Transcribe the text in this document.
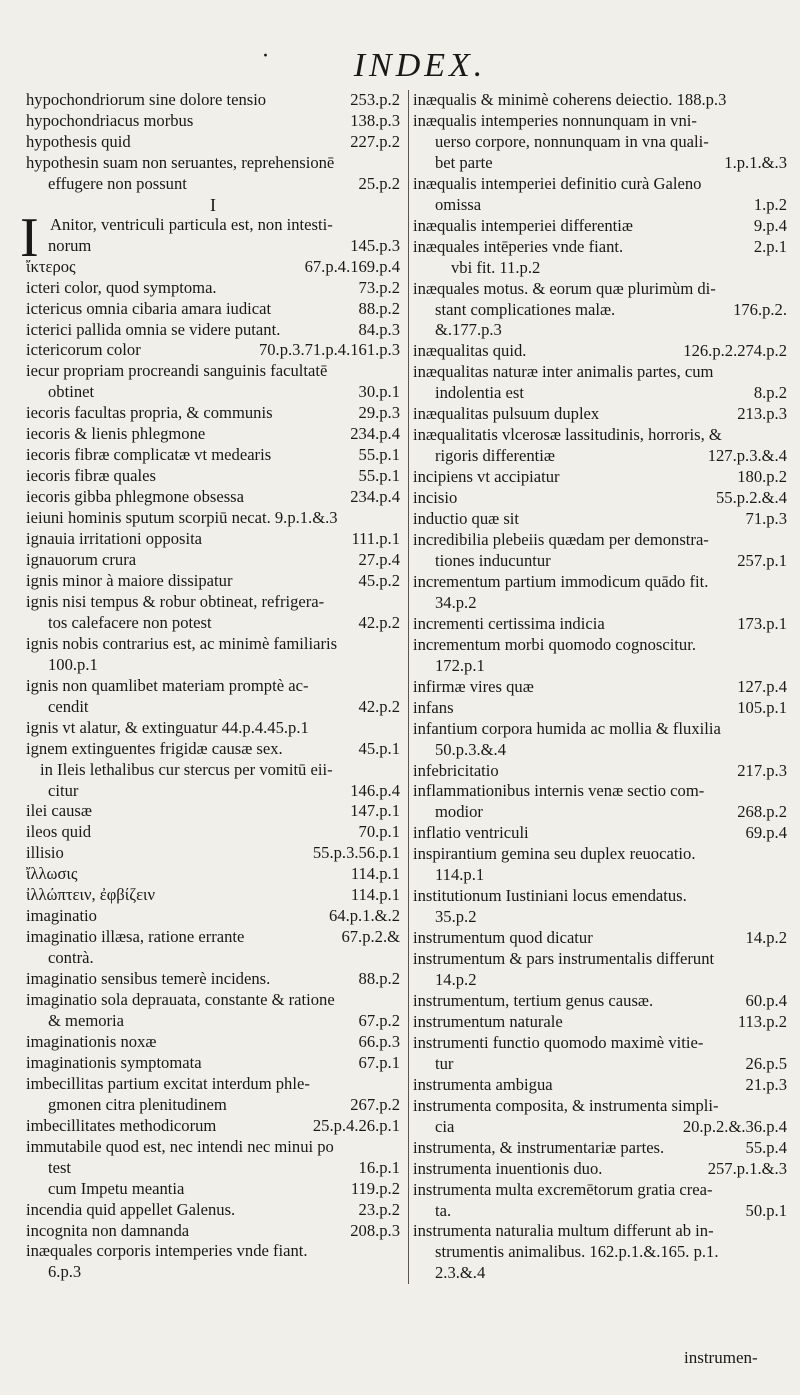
·	INDEX.
hypochondriorum sine dolore tensio	253.p.2
hypochondriacus morbus	138.p.3
hypothesis quid	227.p.2
hypothesin suam non seruantes, reprehensionē
effugere non possunt	25.p.2
I
I Anitor, ventriculi particula est, non intesti-
norum	145.p.3
ἴκτερος	67.p.4.169.p.4
icteri color, quod symptoma.	73.p.2
ictericus omnia cibaria amara iudicat	88.p.2
icterici pallida omnia se videre putant.	84.p.3
ictericorum color	70.p.3.71.p.4.161.p.3
iecur propriam procreandi sanguinis facultatē
obtinet	30.p.1
iecoris facultas propria, & communis	29.p.3
iecoris & lienis phlegmone	234.p.4
iecoris fibræ complicatæ vt medearis	55.p.1
iecoris fibræ quales	55.p.1
iecoris gibba phlegmone obsessa	234.p.4
ieiuni hominis sputum scorpiū necat. 9.p.1.&.3
ignauia irritationi opposita	111.p.1
ignauorum crura	27.p.4
ignis minor à maiore dissipatur	45.p.2
ignis nisi tempus & robur obtineat, refrigera-
tos calefacere non potest	42.p.2
ignis nobis contrarius est, ac minimè familiaris
100.p.1
ignis non quamlibet materiam promptè ac-
cendit	42.p.2
ignis vt alatur, & extinguatur 44.p.4.45.p.1
ignem extinguentes frigidæ causæ sex.	45.p.1
in Ileis lethalibus cur stercus per vomitū eii-
citur	146.p.4
ilei causæ	147.p.1
ileos quid	70.p.1
illisio	55.p.3.56.p.1
ἴλλωσις	114.p.1
ἰλλώπτειν, ἐφβίζειν	114.p.1
imaginatio	64.p.1.&.2
imaginatio illæsa, ratione errante	67.p.2.&
contrà.
imaginatio sensibus temerè incidens.	88.p.2
imaginatio sola deprauata, constante & ratione
& memoria	67.p.2
imaginationis noxæ	66.p.3
imaginationis symptomata	67.p.1
imbecillitas partium excitat interdum phle-
gmonen citra plenitudinem	267.p.2
imbecillitates methodicorum	25.p.4.26.p.1
immutabile quod est, nec intendi nec minui po
test	16.p.1
cum Impetu meantia	119.p.2
incendia quid appellet Galenus.	23.p.2
incognita non damnanda	208.p.3
inæquales corporis intemperies vnde fiant.
6.p.3
inæqualis & minimè coherens deiectio. 188.p.3
inæqualis intemperies nonnunquam in vni-
uerso corpore, nonnunquam in vna quali-
bet parte	1.p.1.&.3
inæqualis intemperiei definitio curà Galeno
omissa	1.p.2
inæqualis intemperiei differentiæ	9.p.4
inæquales intēperies vnde fiant.	2.p.1
vbi fit. 11.p.2
inæquales motus. & eorum quæ plurimùm di-
stant complicationes malæ.	176.p.2.
&.177.p.3
inæqualitas quid.	126.p.2.274.p.2
inæqualitas naturæ inter animalis partes, cum
indolentia est	8.p.2
inæqualitas pulsuum duplex	213.p.3
inæqualitatis vlcerosæ lassitudinis, horroris, &
rigoris differentiæ	127.p.3.&.4
incipiens vt accipiatur	180.p.2
incisio	55.p.2.&.4
inductio quæ sit	71.p.3
incredibilia plebeiis quædam per demonstra-
tiones inducuntur	257.p.1
incrementum partium immodicum quādo fit.
34.p.2
incrementi certissima indicia	173.p.1
incrementum morbi quomodo cognoscitur.
172.p.1
infirmæ vires quæ	127.p.4
infans	105.p.1
infantium corpora humida ac mollia & fluxilia
50.p.3.&.4
infebricitatio	217.p.3
inflammationibus internis venæ sectio com-
modior	268.p.2
inflatio ventriculi	69.p.4
inspirantium gemina seu duplex reuocatio.
114.p.1
institutionum Iustiniani locus emendatus.
35.p.2
instrumentum quod dicatur	14.p.2
instrumentum & pars instrumentalis differunt
14.p.2
instrumentum, tertium genus causæ.	60.p.4
instrumentum naturale	113.p.2
instrumenti functio quomodo maximè vitie-
tur	26.p.5
instrumenta ambigua	21.p.3
instrumenta composita, & instrumenta simpli-
cia	20.p.2.&.36.p.4
instrumenta, & instrumentariæ partes.	55.p.4
instrumenta inuentionis duo.	257.p.1.&.3
instrumenta multa excremētorum gratia crea-
ta.	50.p.1
instrumenta naturalia multum differunt ab in-
strumentis animalibus. 162.p.1.&.165. p.1.
2.3.&.4
instrumen-
